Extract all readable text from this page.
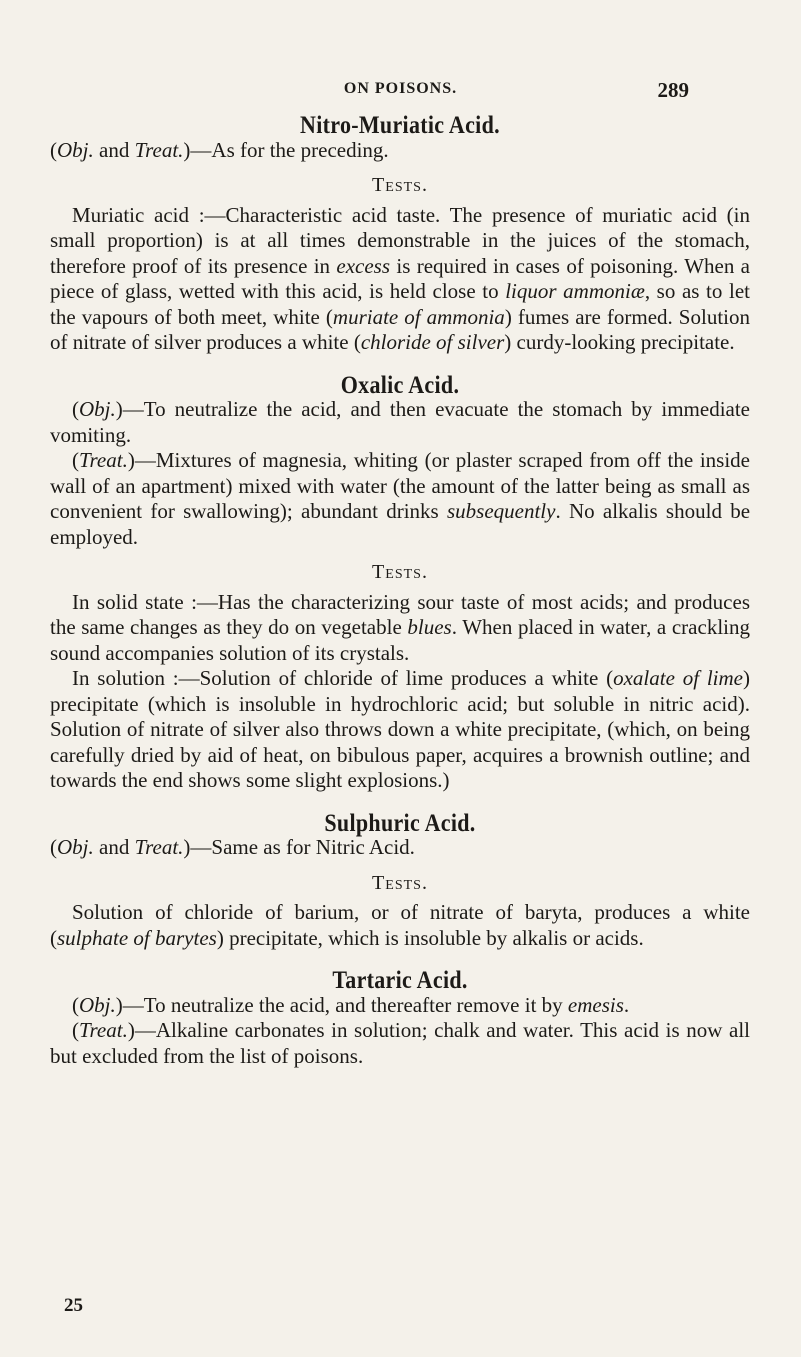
ON POISONS.	289
Nitro-Muriatic Acid.

(Obj. and Treat.)—As for the preceding.

Tests.

Muriatic acid :—Characteristic acid taste. The presence of muriatic acid (in small proportion) is at all times demonstrable in the juices of the stomach, therefore proof of its presence in excess is required in cases of poisoning. When a piece of glass, wetted with this acid, is held close to liquor ammoniæ, so as to let the vapours of both meet, white (muriate of ammonia) fumes are formed. Solution of nitrate of silver produces a white (chloride of silver) curdy-looking precipitate.

Oxalic Acid.

(Obj.)—To neutralize the acid, and then evacuate the stomach by immediate vomiting.

(Treat.)—Mixtures of magnesia, whiting (or plaster scraped from off the inside wall of an apartment) mixed with water (the amount of the latter being as small as convenient for swallowing); abundant drinks subsequently. No alkalis should be employed.

Tests.

In solid state :—Has the characterizing sour taste of most acids; and produces the same changes as they do on vegetable blues. When placed in water, a crackling sound accompanies solution of its crystals.

In solution :—Solution of chloride of lime produces a white (oxalate of lime) precipitate (which is insoluble in hydrochloric acid; but soluble in nitric acid). Solution of nitrate of silver also throws down a white precipitate, (which, on being carefully dried by aid of heat, on bibulous paper, acquires a brownish outline; and towards the end shows some slight explosions.)

Sulphuric Acid.

(Obj. and Treat.)—Same as for Nitric Acid.

Tests.

Solution of chloride of barium, or of nitrate of baryta, produces a white (sulphate of barytes) precipitate, which is insoluble by alkalis or acids.

Tartaric Acid.

(Obj.)—To neutralize the acid, and thereafter remove it by emesis.

(Treat.)—Alkaline carbonates in solution; chalk and water. This acid is now all but excluded from the list of poisons.

25
